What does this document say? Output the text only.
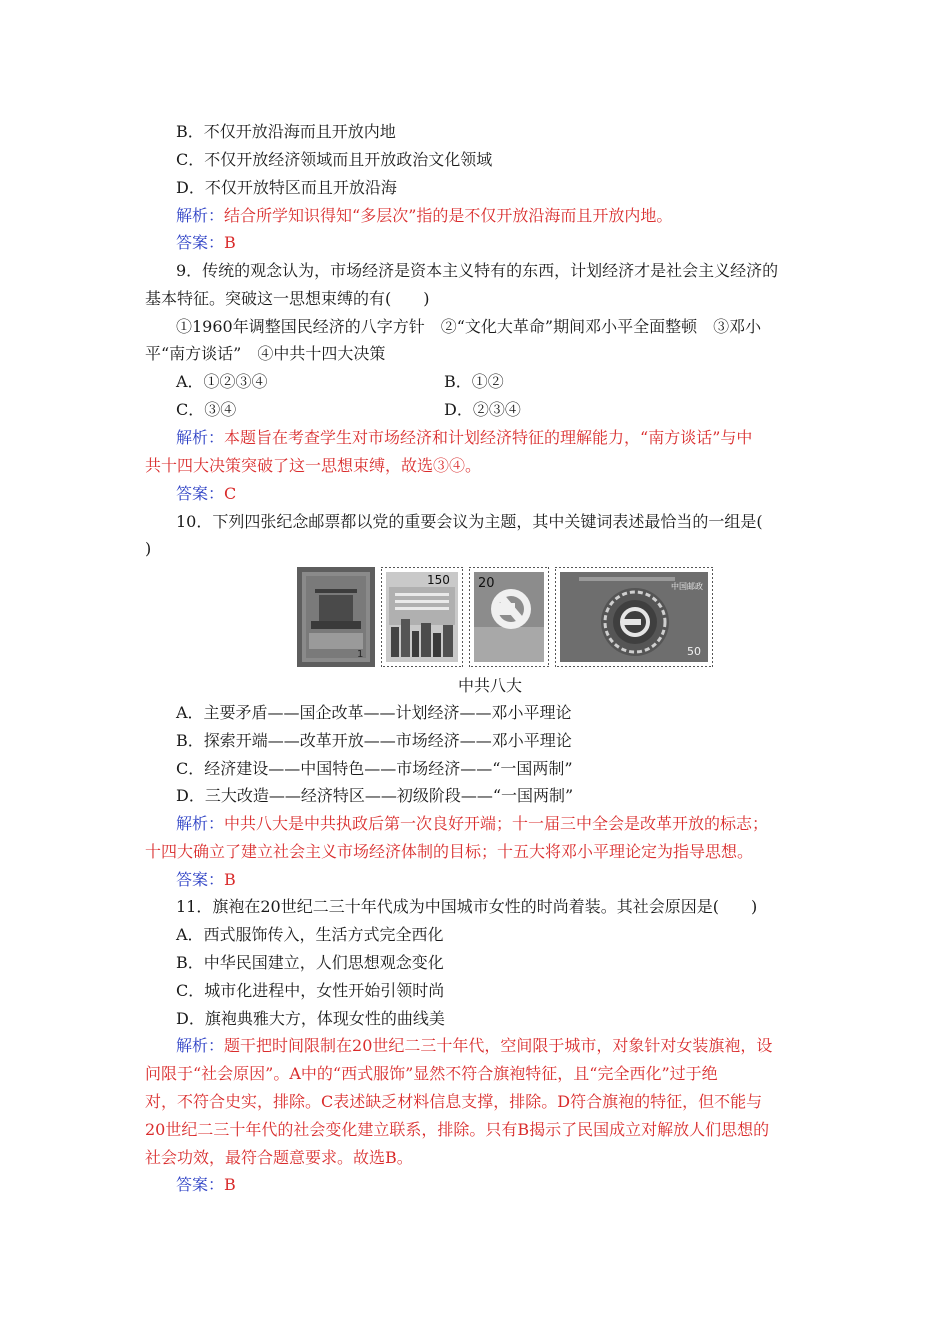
B．不仅开放沿海而且开放内地
C．不仅开放经济领域而且开放政治文化领域
D．不仅开放特区而且开放沿海
解析：结合所学知识得知“多层次”指的是不仅开放沿海而且开放内地。
答案：B
9．传统的观念认为，市场经济是资本主义特有的东西，计划经济才是社会主义经济的
基本特征。突破这一思想束缚的有(　　)
①1960年调整国民经济的八字方针　②“文化大革命”期间邓小平全面整顿　③邓小
平“南方谈话”　④中共十四大决策
A．①②③④	B．①②
C．③④	D．②③④
解析：本题旨在考查学生对市场经济和计划经济特征的理解能力，“南方谈话”与中
共十四大决策突破了这一思想束缚，故选③④。
答案：C
10．下列四张纪念邮票都以党的重要会议为主题，其中关键词表述最恰当的一组是(
)
1
150 20	中国邮政
50
中共八大
A．主要矛盾——国企改革——计划经济——邓小平理论
B．探索开端——改革开放——市场经济——邓小平理论
C．经济建设——中国特色——市场经济——“一国两制”
D．三大改造——经济特区——初级阶段——“一国两制”
解析：中共八大是中共执政后第一次良好开端；十一届三中全会是改革开放的标志；
十四大确立了建立社会主义市场经济体制的目标；十五大将邓小平理论定为指导思想。
答案：B
11．旗袍在20世纪二三十年代成为中国城市女性的时尚着装。其社会原因是(　　)
A．西式服饰传入，生活方式完全西化
B．中华民国建立，人们思想观念变化
C．城市化进程中，女性开始引领时尚
D．旗袍典雅大方，体现女性的曲线美
解析：题干把时间限制在20世纪二三十年代，空间限于城市，对象针对女装旗袍，设
问限于“社会原因”。A中的“西式服饰”显然不符合旗袍特征，且“完全西化”过于绝
对，不符合史实，排除。C表述缺乏材料信息支撑，排除。D符合旗袍的特征，但不能与
20世纪二三十年代的社会变化建立联系，排除。只有B揭示了民国成立对解放人们思想的
社会功效，最符合题意要求。故选B。
答案：B
